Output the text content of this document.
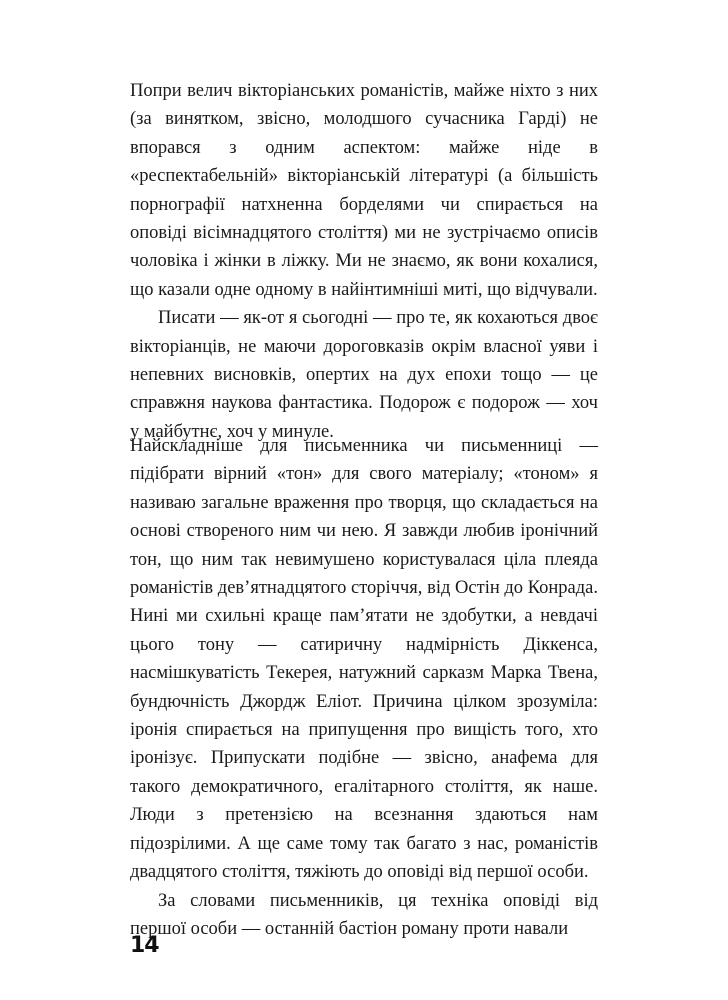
Попри велич вікторіанських романістів, майже ніхто з них (за винятком, звісно, молодшого сучасника Гарді) не впорався з одним аспектом: майже ніде в «респектабельній» вікторіанській літературі (а більшість порнографії натхненна борделями чи спирається на оповіді вісімнадцятого століття) ми не зустрічаємо описів чоловіка і жінки в ліжку. Ми не знаємо, як вони кохалися, що казали одне одному в найінтимніші миті, що відчували.

Писати — як-от я сьогодні — про те, як кохаються двоє вікторіанців, не маючи дороговказів окрім власної уяви і непевних висновків, опертих на дух епохи тощо — це справжня наукова фантастика. Подорож є подорож — хоч у майбутнє, хоч у минуле.

Найскладніше для письменника чи письменниці — підібрати вірний «тон» для свого матеріалу; «тоном» я називаю загальне враження про творця, що складається на основі створеного ним чи нею. Я завжди любив іронічний тон, що ним так невимушено користувалася ціла плеяда романістів дев’ятнадцятого сторіччя, від Остін до Конрада. Нині ми схильні краще пам’ятати не здобутки, а невдачі цього тону — сатиричну надмірність Діккенса, насмішкуватість Текерея, натужний сарказм Марка Твена, бундючність Джордж Еліот. Причина цілком зрозуміла: іронія спирається на припущення про вищість того, хто іронізує. Припускати подібне — звісно, анафема для такого демократичного, егалітарного століття, як наше. Люди з претензією на всезнання здаються нам підозрілими. А ще саме тому так багато з нас, романістів двадцятого століття, тяжіють до оповіді від першої особи.

За словами письменників, ця техніка оповіді від першої особи — останній бастіон роману проти навали

14
